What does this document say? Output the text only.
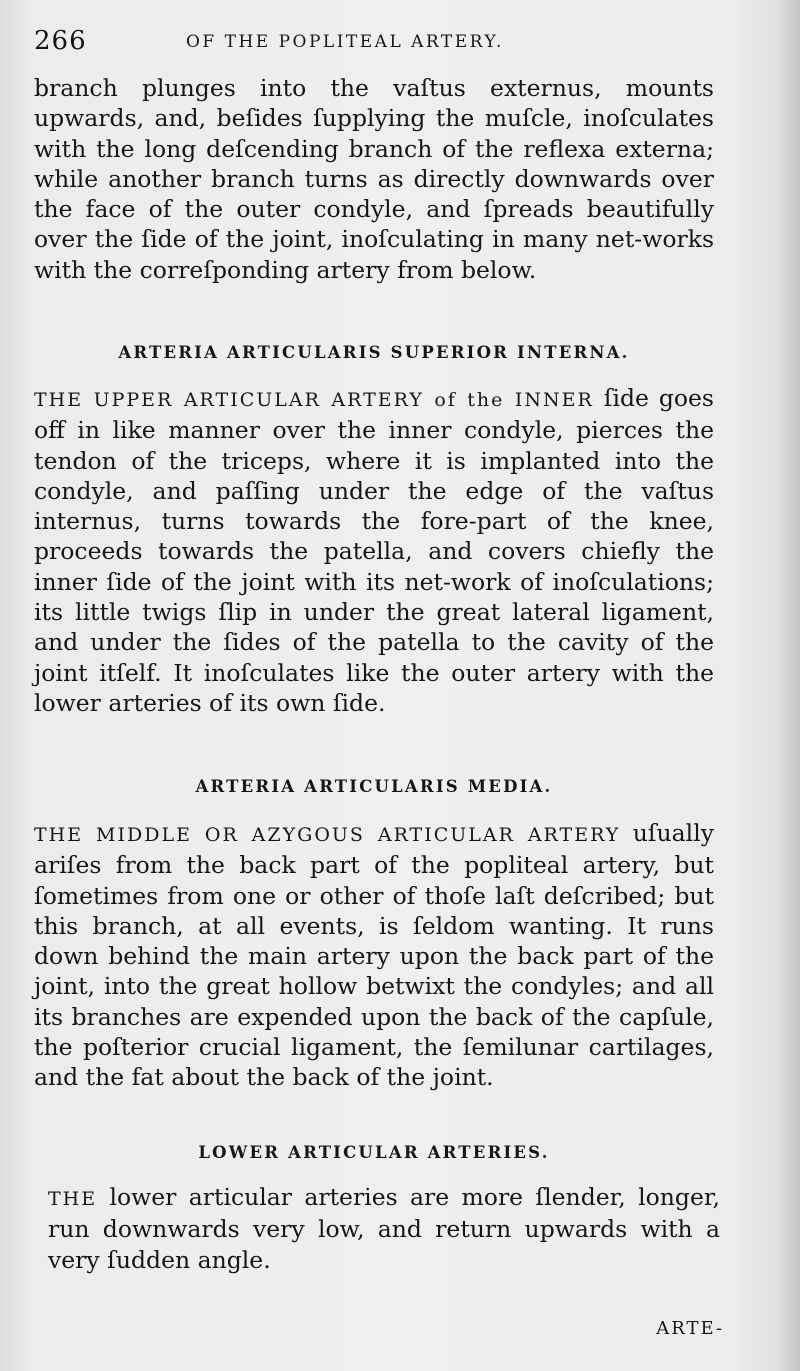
266	OF THE POPLITEAL ARTERY.

branch plunges into the vaſtus externus, mounts upwards, and, beſides ſupplying the muſcle, inoſculates with the long deſcending branch of the reflexa externa; while another branch turns as directly downwards over the face of the outer condyle, and ſpreads beautifully over the ſide of the joint, inoſculating in many net-works with the correſponding artery from below.

ARTERIA ARTICULARIS SUPERIOR INTERNA.

THE UPPER ARTICULAR ARTERY of the INNER ſide goes off in like manner over the inner condyle, pierces the tendon of the triceps, where it is implanted into the condyle, and paſſing under the edge of the vaſtus internus, turns towards the fore-part of the knee, proceeds towards the patella, and covers chiefly the inner ſide of the joint with its net-work of inoſculations; its little twigs ſlip in under the great lateral ligament, and under the ſides of the patella to the cavity of the joint itſelf. It inoſculates like the outer artery with the lower arteries of its own ſide.

ARTERIA ARTICULARIS MEDIA.

THE MIDDLE OR AZYGOUS ARTICULAR ARTERY uſually ariſes from the back part of the popliteal artery, but ſometimes from one or other of thoſe laſt deſcribed; but this branch, at all events, is ſeldom wanting. It runs down behind the main artery upon the back part of the joint, into the great hollow betwixt the condyles; and all its branches are expended upon the back of the capſule, the poſterior crucial ligament, the ſemilunar cartilages, and the fat about the back of the joint.

LOWER ARTICULAR ARTERIES.

THE lower articular arteries are more ſlender, longer, run downwards very low, and return upwards with a very ſudden angle.

ARTE-
